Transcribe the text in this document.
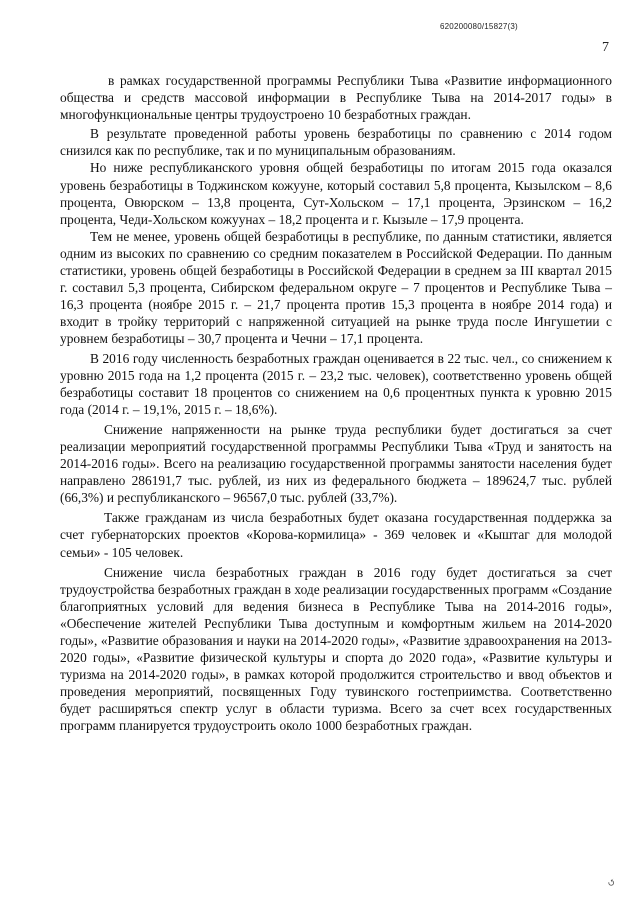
620200080/15827(3)
7

в рамках государственной программы Республики Тыва «Развитие информационного общества и средств массовой информации в Республике Тыва на 2014-2017 годы» в многофункциональные центры трудоустроено 10 безработных граждан.

В результате проведенной работы уровень безработицы по сравнению с 2014 годом снизился как по республике, так и по муниципальным образованиям.

Но ниже республиканского уровня общей безработицы по итогам 2015 года оказался уровень безработицы в Тоджинском кожууне, который составил 5,8 процента, Кызылском – 8,6 процента, Овюрском – 13,8 процента, Сут-Хольском – 17,1 процента, Эрзинском – 16,2 процента, Чеди-Хольском кожуунах – 18,2 процента и г. Кызыле – 17,9 процента.

Тем не менее, уровень общей безработицы в республике, по данным статистики, является одним из высоких по сравнению со средним показателем в Российской Федерации. По данным статистики, уровень общей безработицы в Российской Федерации в среднем за III квартал 2015 г. составил 5,3 процента, Сибирском федеральном округе – 7 процентов и Республике Тыва – 16,3 процента (ноябре 2015 г. – 21,7 процента против 15,3 процента в ноябре 2014 года) и входит в тройку территорий с напряженной ситуацией на рынке труда после Ингушетии с уровнем безработицы – 30,7 процента и Чечни – 17,1 процента.

В 2016 году численность безработных граждан оценивается в 22 тыс. чел., со снижением к уровню 2015 года на 1,2 процента (2015 г. – 23,2 тыс. человек), соответственно уровень общей безработицы составит 18 процентов со снижением на 0,6 процентных пункта к уровню 2015 года (2014 г. – 19,1%, 2015 г. – 18,6%).

Снижение напряженности на рынке труда республики будет достигаться за счет реализации мероприятий государственной программы Республики Тыва «Труд и занятость на 2014-2016 годы». Всего на реализацию государственной программы занятости населения будет направлено 286191,7 тыс. рублей, из них из федерального бюджета – 189624,7 тыс. рублей (66,3%) и республиканского – 96567,0 тыс. рублей (33,7%).

Также гражданам из числа безработных будет оказана государственная поддержка за счет губернаторских проектов «Корова-кормилица» - 369 человек и «Кыштаг для молодой семьи» - 105 человек.

Снижение числа безработных граждан в 2016 году будет достигаться за счет трудоустройства безработных граждан в ходе реализации государственных программ «Создание благоприятных условий для ведения бизнеса в Республике Тыва на 2014-2016 годы», «Обеспечение жителей Республики Тыва доступным и комфортным жильем на 2014-2020 годы», «Развитие образования и науки на 2014-2020 годы», «Развитие здравоохранения на 2013-2020 годы», «Развитие физической культуры и спорта до 2020 года», «Развитие культуры и туризма на 2014-2020 годы», в рамках которой продолжится строительство и ввод объектов и проведения мероприятий, посвященных Году тувинского гостеприимства. Соответственно будет расширяться спектр услуг в области туризма. Всего за счет всех государственных программ планируется трудоустроить около 1000 безработных граждан.

↺
